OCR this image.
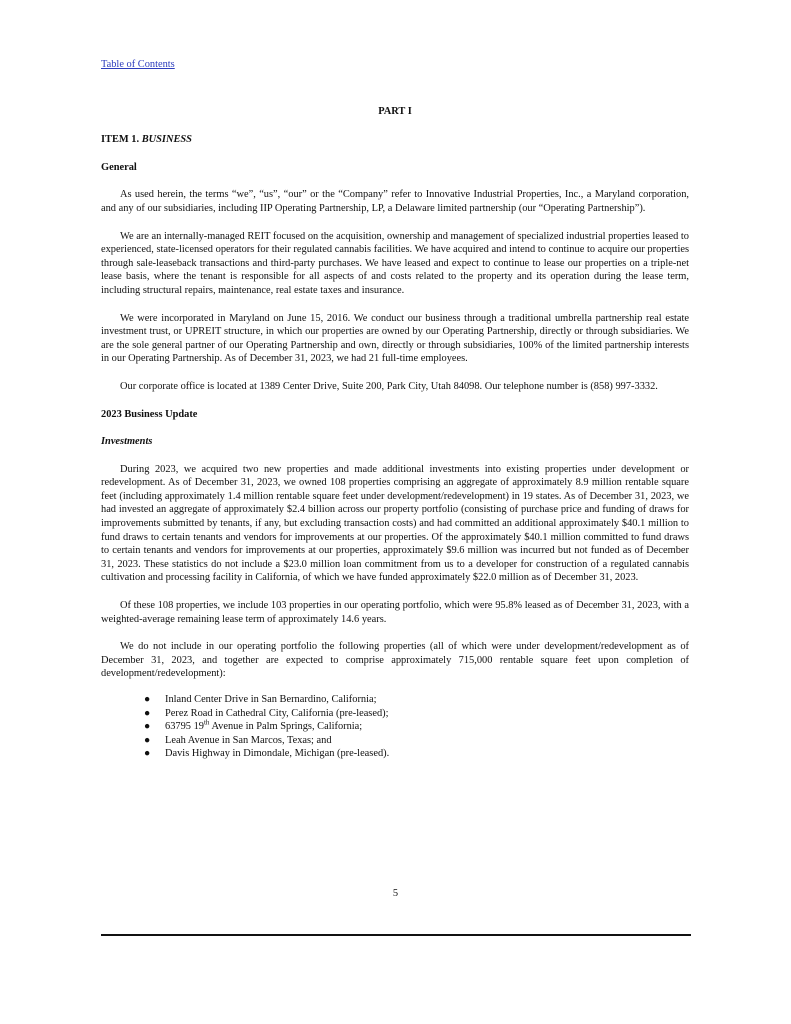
Table of Contents
PART I
ITEM 1. BUSINESS
General

As used herein, the terms “we”, “us”, “our” or the “Company” refer to Innovative Industrial Properties, Inc., a Maryland corporation, and any of our subsidiaries, including IIP Operating Partnership, LP, a Delaware limited partnership (our “Operating Partnership”).

We are an internally-managed REIT focused on the acquisition, ownership and management of specialized industrial properties leased to experienced, state-licensed operators for their regulated cannabis facilities. We have acquired and intend to continue to acquire our properties through sale-leaseback transactions and third-party purchases. We have leased and expect to continue to lease our properties on a triple-net lease basis, where the tenant is responsible for all aspects of and costs related to the property and its operation during the lease term, including structural repairs, maintenance, real estate taxes and insurance.

We were incorporated in Maryland on June 15, 2016. We conduct our business through a traditional umbrella partnership real estate investment trust, or UPREIT structure, in which our properties are owned by our Operating Partnership, directly or through subsidiaries. We are the sole general partner of our Operating Partnership and own, directly or through subsidiaries, 100% of the limited partnership interests in our Operating Partnership. As of December 31, 2023, we had 21 full-time employees.

Our corporate office is located at 1389 Center Drive, Suite 200, Park City, Utah 84098. Our telephone number is (858) 997-3332.

2023 Business Update
Investments

During 2023, we acquired two new properties and made additional investments into existing properties under development or redevelopment. As of December 31, 2023, we owned 108 properties comprising an aggregate of approximately 8.9 million rentable square feet (including approximately 1.4 million rentable square feet under development/redevelopment) in 19 states. As of December 31, 2023, we had invested an aggregate of approximately $2.4 billion across our property portfolio (consisting of purchase price and funding of draws for improvements submitted by tenants, if any, but excluding transaction costs) and had committed an additional approximately $40.1 million to fund draws to certain tenants and vendors for improvements at our properties. Of the approximately $40.1 million committed to fund draws to certain tenants and vendors for improvements at our properties, approximately $9.6 million was incurred but not funded as of December 31, 2023. These statistics do not include a $23.0 million loan commitment from us to a developer for construction of a regulated cannabis cultivation and processing facility in California, of which we have funded approximately $22.0 million as of December 31, 2023.

Of these 108 properties, we include 103 properties in our operating portfolio, which were 95.8% leased as of December 31, 2023, with a weighted-average remaining lease term of approximately 14.6 years.

We do not include in our operating portfolio the following properties (all of which were under development/redevelopment as of December 31, 2023, and together are expected to comprise approximately 715,000 rentable square feet upon completion of development/redevelopment):

● Inland Center Drive in San Bernardino, California;
● Perez Road in Cathedral City, California (pre-leased);
● 63795 19th Avenue in Palm Springs, California;
● Leah Avenue in San Marcos, Texas; and
● Davis Highway in Dimondale, Michigan (pre-leased).
5
